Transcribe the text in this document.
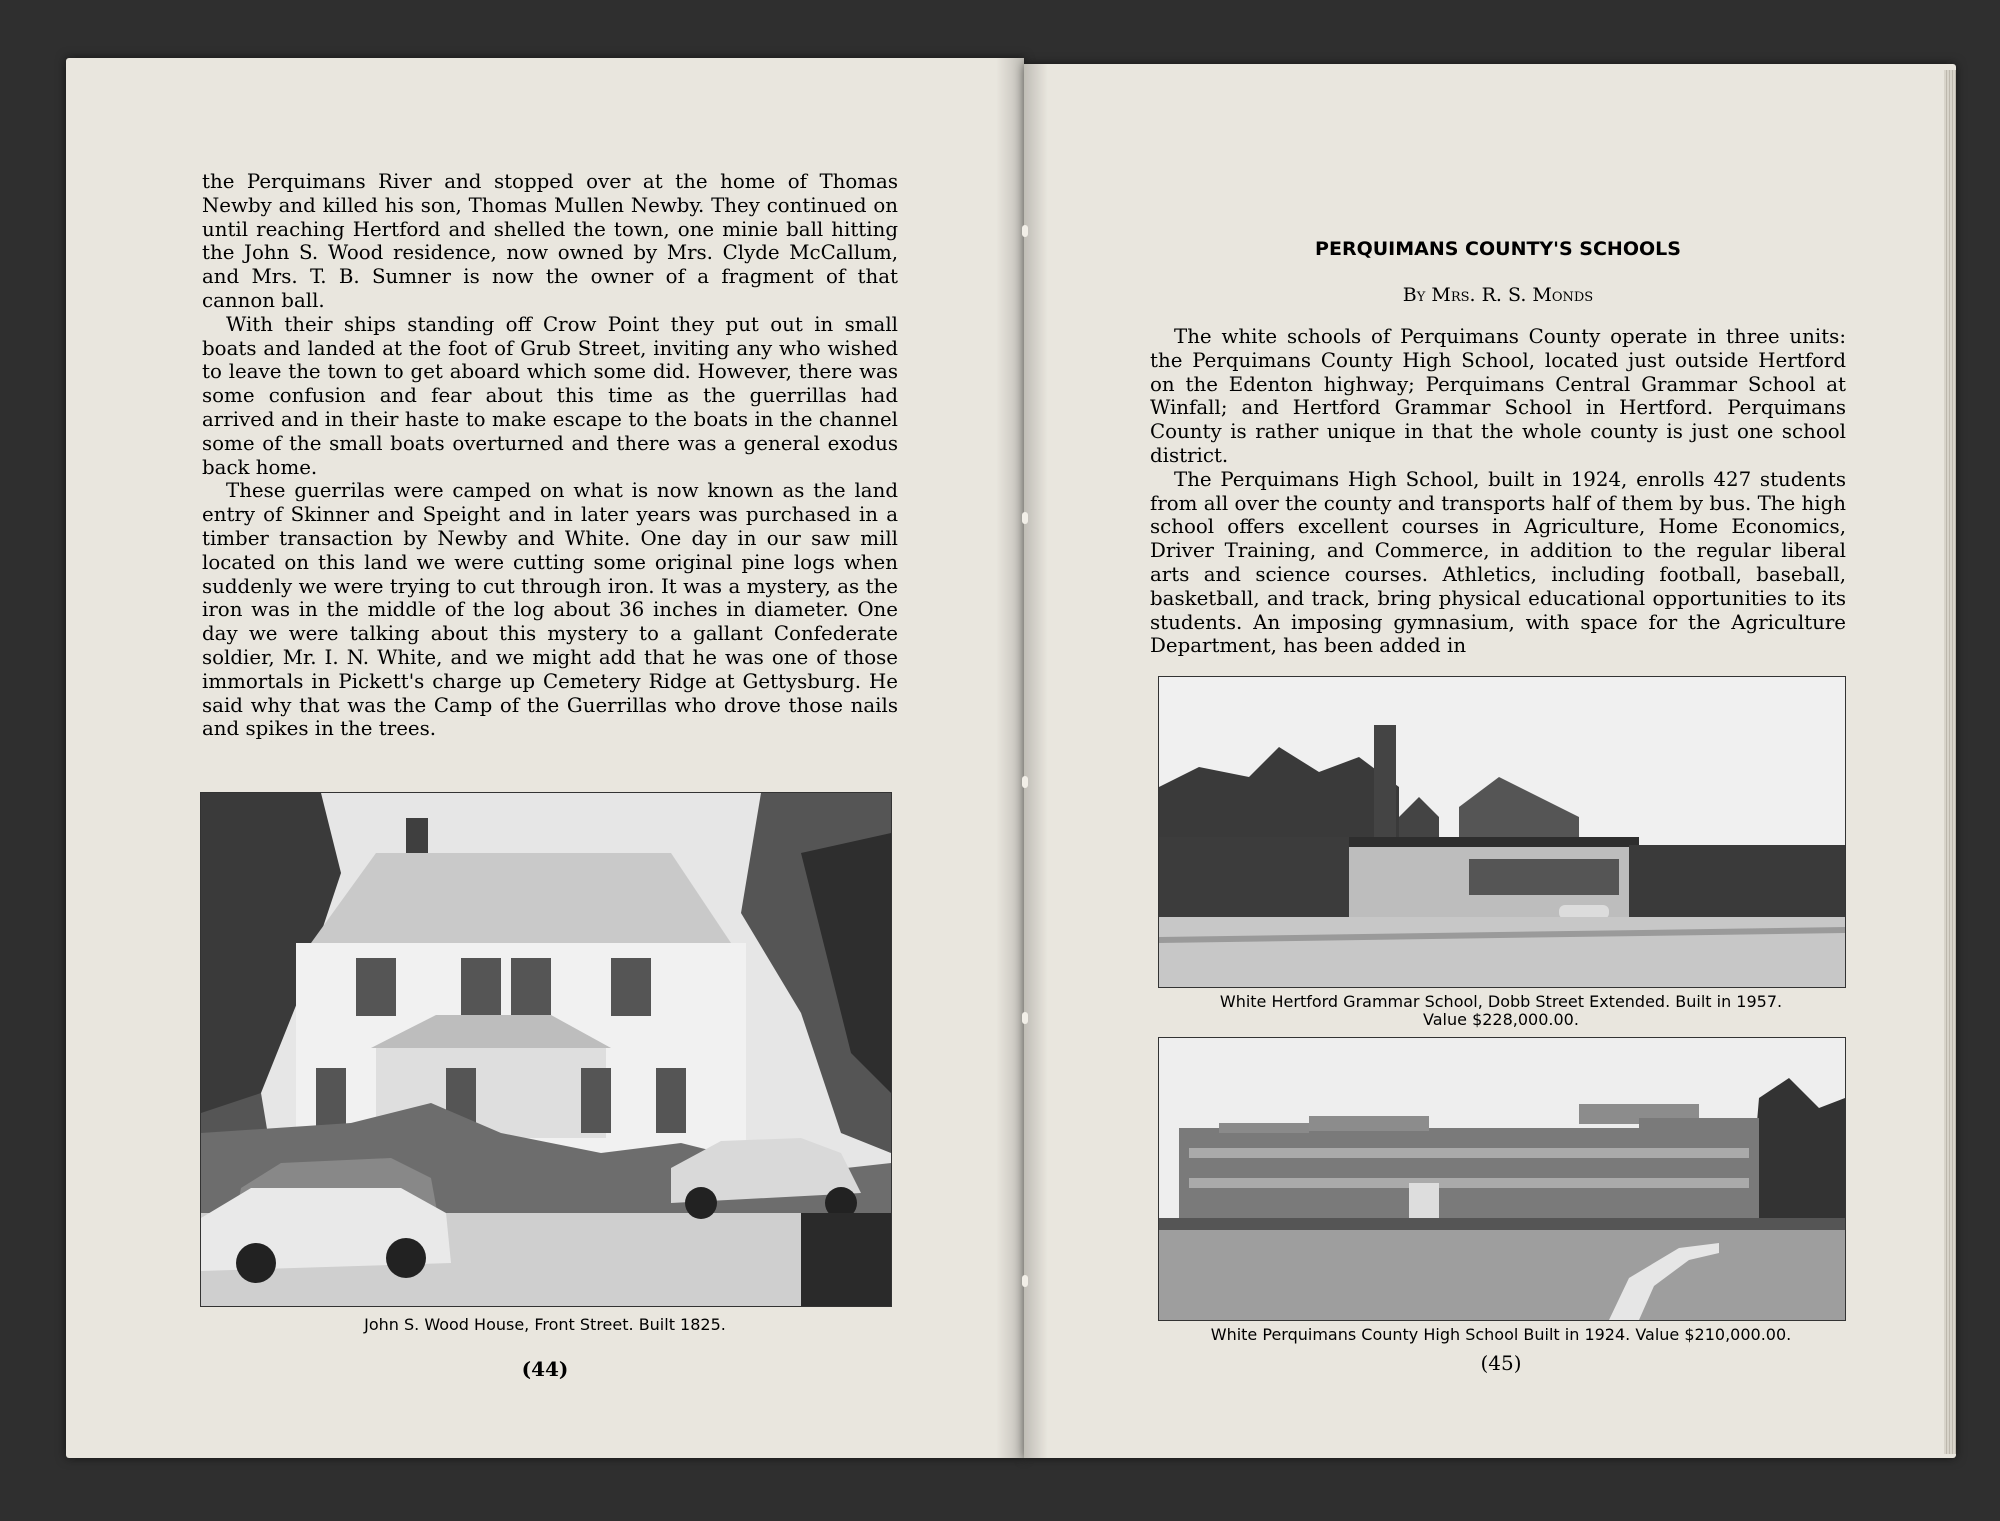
the Perquimans River and stopped over at the home of Thomas Newby and killed his son, Thomas Mullen Newby. They continued on until reaching Hertford and shelled the town, one minie ball hitting the John S. Wood residence, now owned by Mrs. Clyde McCallum, and Mrs. T. B. Sumner is now the owner of a fragment of that cannon ball.

With their ships standing off Crow Point they put out in small boats and landed at the foot of Grub Street, inviting any who wished to leave the town to get aboard which some did. However, there was some confusion and fear about this time as the guerrillas had arrived and in their haste to make escape to the boats in the channel some of the small boats overturned and there was a general exodus back home.

These guerrilas were camped on what is now known as the land entry of Skinner and Speight and in later years was purchased in a timber transaction by Newby and White. One day in our saw mill located on this land we were cutting some original pine logs when suddenly we were trying to cut through iron. It was a mystery, as the iron was in the middle of the log about 36 inches in diameter. One day we were talking about this mystery to a gallant Confederate soldier, Mr. I. N. White, and we might add that he was one of those immortals in Pickett's charge up Cemetery Ridge at Gettysburg. He said why that was the Camp of the Guerrillas who drove those nails and spikes in the trees.

John S. Wood House, Front Street. Built 1825.

(44)

PERQUIMANS COUNTY'S SCHOOLS

By Mrs. R. S. Monds

The white schools of Perquimans County operate in three units: the Perquimans County High School, located just outside Hertford on the Edenton highway; Perquimans Central Grammar School at Winfall; and Hertford Grammar School in Hertford. Perquimans County is rather unique in that the whole county is just one school district.

The Perquimans High School, built in 1924, enrolls 427 students from all over the county and transports half of them by bus. The high school offers excellent courses in Agriculture, Home Economics, Driver Training, and Commerce, in addition to the regular liberal arts and science courses. Athletics, including football, baseball, basketball, and track, bring physical educational opportunities to its students. An imposing gymnasium, with space for the Agriculture Department, has been added in

White Hertford Grammar School, Dobb Street Extended. Built in 1957.
Value $228,000.00.

White Perquimans County High School Built in 1924. Value $210,000.00.

(45)
